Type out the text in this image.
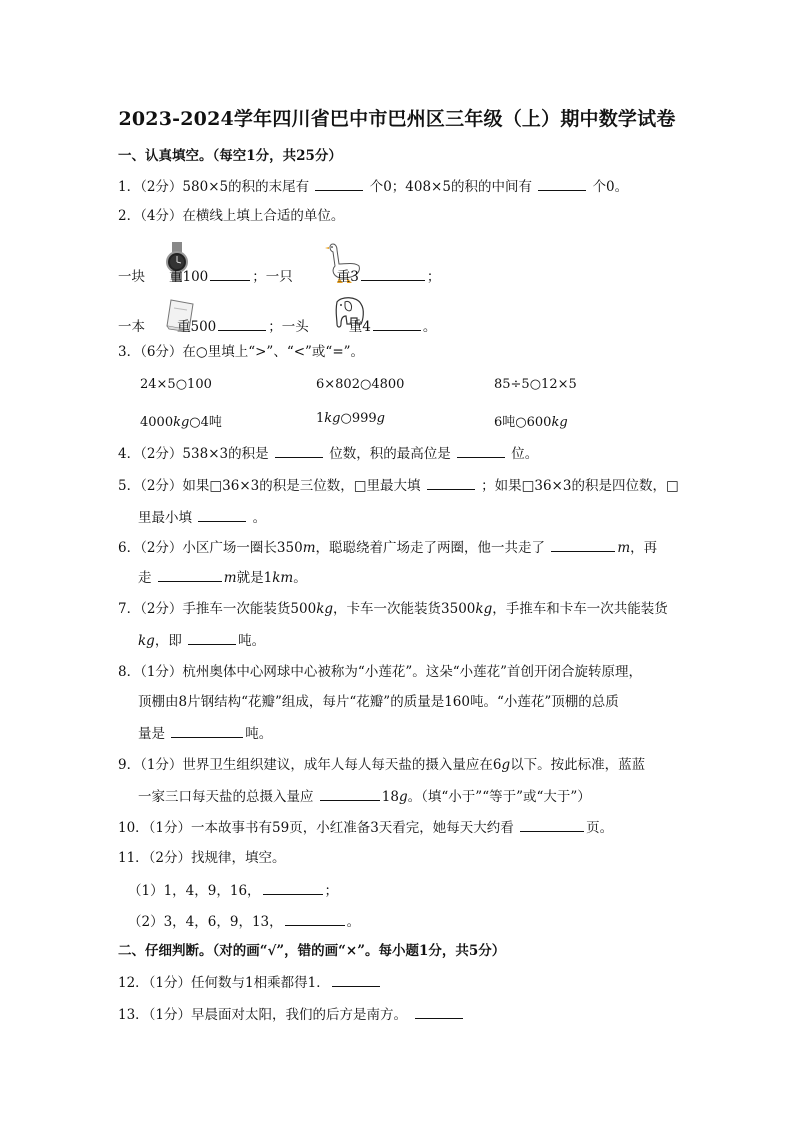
2023-2024学年四川省巴中市巴州区三年级（上）期中数学试卷
一、认真填空。（每空1分，共25分）
1．（2分）580×5的积的末尾有	个0；408×5的积的中间有	个0。
2．（4分）在横线上填上合适的单位。
一块 重100	；一只	重3	；
一本 重500	；一头	重4	。
3．（6分）在○里填上“>”、“<”或“=”。
24×5○100	6×802○4800	85÷5○12×5
4000kg○4吨	1kg○999g	6吨○600kg
4．（2分）538×3的积是	位数，积的最高位是	位。
5．（2分）如果□36×3的积是三位数，□里最大填	；如果□36×3的积是四位数，□
里最小填	。
6．（2分）小区广场一圈长350m，聪聪绕着广场走了两圈，他一共走了	m，再
走	m就是1km。
7．（2分）手推车一次能装货500kg，卡车一次能装货3500kg，手推车和卡车一次共能装货
kg，即	吨。
8．（1分）杭州奥体中心网球中心被称为“小莲花”。这朵“小莲花”首创开闭合旋转原理，
顶棚由8片钢结构“花瓣”组成，每片“花瓣”的质量是160吨。“小莲花”顶棚的总质
量是	吨。
9．（1分）世界卫生组织建议，成年人每人每天盐的摄入量应在6g以下。按此标准，蓝蓝
一家三口每天盐的总摄入量应	18g。（填“小于”“等于”或“大于”）
10．（1分）一本故事书有59页，小红准备3天看完，她每天大约看	页。
11．（2分）找规律，填空。
（1）1，4，9，16，	；
（2）3，4，6，9，13，	。
二、仔细判断。（对的画“√”，错的画“×”。每小题1分，共5分）
12．（1分）任何数与1相乘都得1．
13．（1分）早晨面对太阳，我们的后方是南方。
